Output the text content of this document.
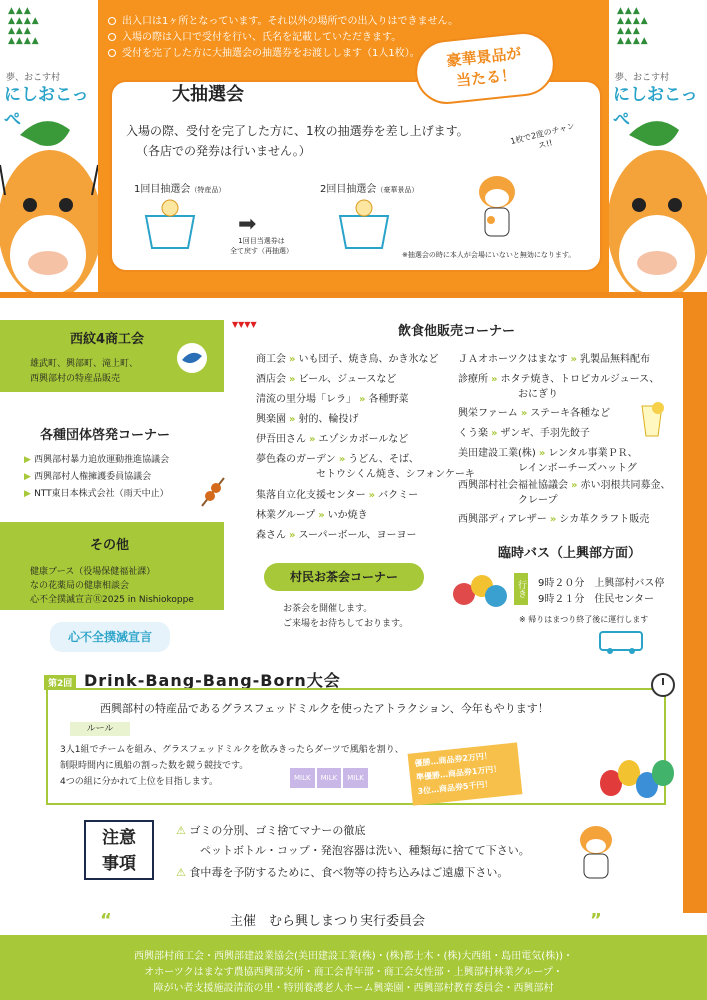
▲▲▲
▲▲▲▲
▲▲▲
▲▲▲▲
夢、おこす村
にしおこっぺ
▲▲▲
▲▲▲▲
▲▲▲
▲▲▲▲
夢、おこす村
にしおこっぺ
出入口は1ヶ所となっています。それ以外の場所での出入りはできません。
入場の際は入口で受付を行い、氏名を記載していただきます。
受付を完了した方に大抽選会の抽選券をお渡しします（1人1枚）。
大抽選会
入場の際、受付を完了した方に、1枚の抽選券を差し上げます。
（各店での発券は行いません。）
1回目抽選会（特産品）	2回目抽選会（豪華景品）
➡
1回目当選券は
全て戻す（再抽選）	※抽選会の時に本人が会場にいないと無効になります。
1枚で2度のチャンス!!
豪華景品が
当たる！
西紋4商工会
雄武町、興部町、滝上町、
西興部村の特産品販売
各種団体啓発コーナー
▶ 西興部村暴力追放運動推進協議会
▶ 西興部村人権擁護委員協議会
▶ NTT東日本株式会社（雨天中止）
その他
健康ブース（役場保健福祉課）
なの花薬局の健康相談会
心不全撲滅宣言Ⓡ2025 in Nishiokoppe
心不全撲滅宣言
▼▼▼▼	飲食他販売コーナー
商工会 » いも団子、焼き鳥、かき氷など
酒店会 » ビール、ジュースなど
清流の里分場「レラ」 » 各種野菜
興楽園 » 射的、輪投げ
伊吾田さん » エゾシカボールなど
夢色森のガーデン » うどん、そば、
セトウシくん焼き、シフォンケーキ
集落自立化支援センター » バクミー
林業グループ » いか焼き
森さん » スーパーボール、ヨーヨー
ＪＡオホーツクはまなす » 乳製品無料配布
診療所 » ホタテ焼き、トロピカルジュース、
おにぎり
興栄ファーム » ステーキ各種など
くう楽 » ザンギ、手羽先餃子
美田建設工業(株) » レンタル事業ＰＲ、
レインボーチーズハットグ
西興部村社会福祉協議会 » 赤い羽根共同募金、
クレープ
西興部ディアレザー » シカ革クラフト販売
臨時バス（上興部方面）
行き 9時２０分　上興部村バス停
9時２１分　住民センター
※ 帰りはまつり終了後に運行します
村民お茶会コーナー
お茶会を開催します。
ご来場をお待ちしております。
第2回 Drink-Bang-Bang-Born大会
西興部村の特産品であるグラスフェッドミルクを使ったアトラクション、今年もやります！
ルール
3人1組でチームを組み、グラスフェッドミルクを飲みきったらダーツで風船を割り、
制限時間内に風船の割った数を競う競技です。
4つの組に分かれて上位を目指します。	MILK MILK MILK
優勝…商品券2万円！
準優勝…商品券1万円！
3位…商品券5千円！
注意
事項
⚠ ゴミの分別、ゴミ捨てマナーの徹底
ペットボトル・コップ・発泡容器は洗い、種類毎に捨てて下さい。
⚠ 食中毒を予防するために、食べ物等の持ち込みはご遠慮下さい。
“	”
主催　むら興しまつり実行委員会
西興部村商工会・西興部建設業協会(美田建設工業(株)・(株)都士木・(株)大西組・島田電気(株))・
オホーツクはまなす農協西興部支所・商工会青年部・商工会女性部・上興部村林業グループ・
障がい者支援施設清流の里・特別養護老人ホーム興楽園・西興部村教育委員会・西興部村
